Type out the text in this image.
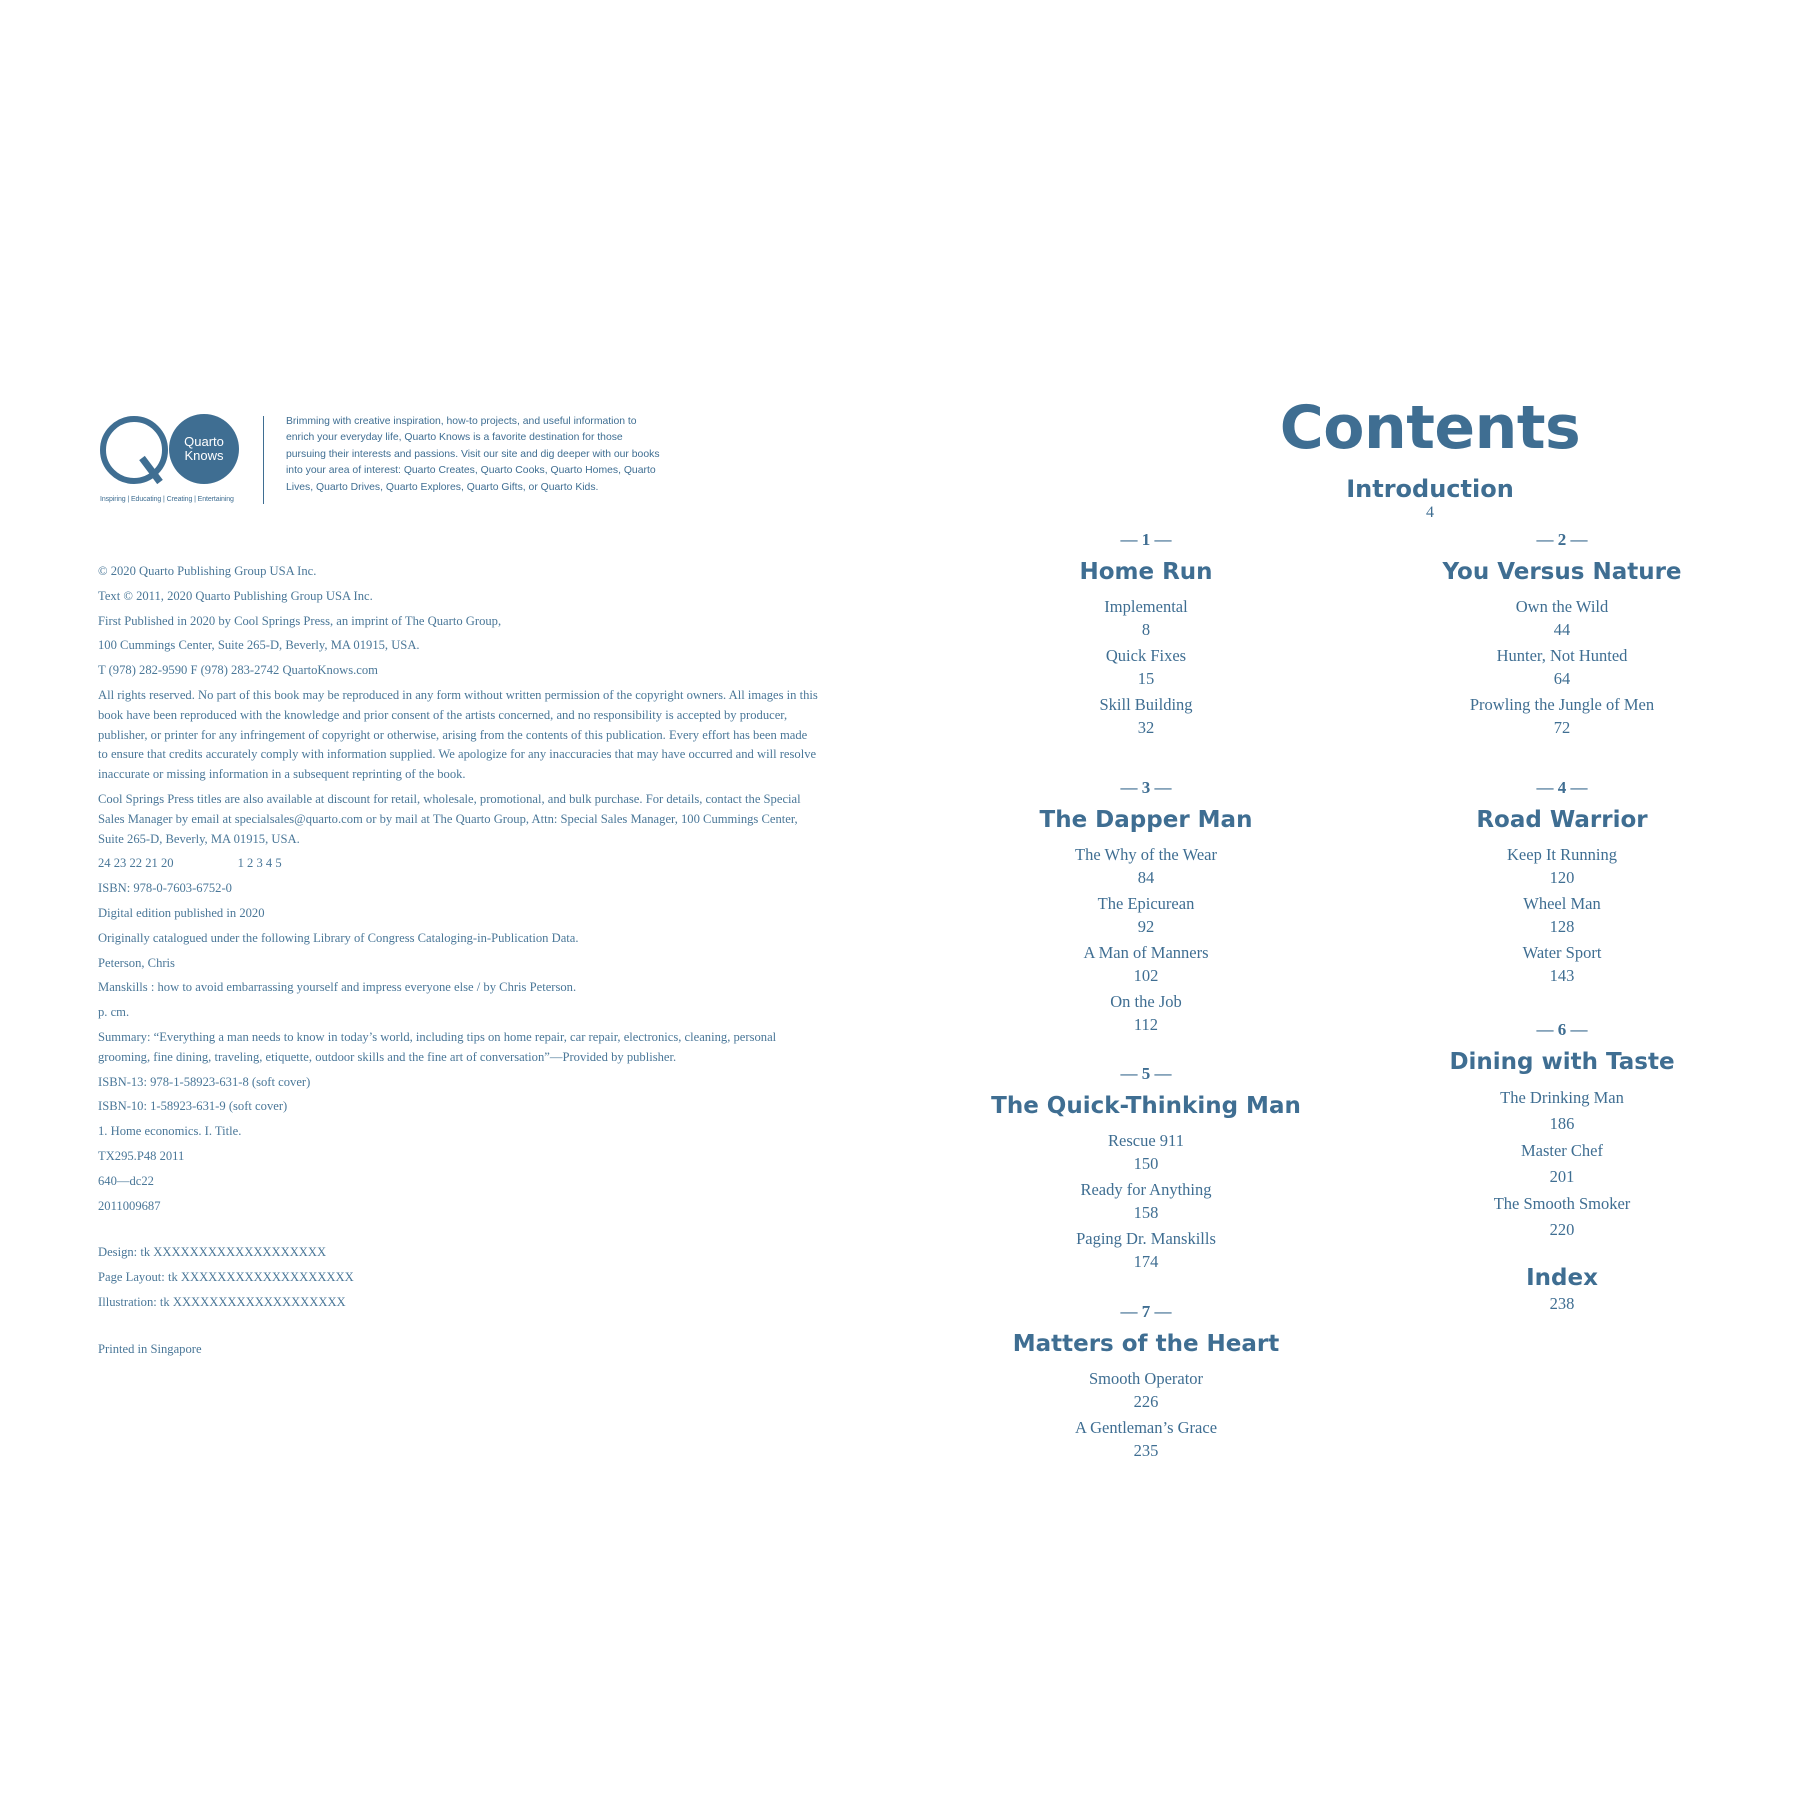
Quarto
Knows
Inspiring | Educating | Creating | Entertaining
Brimming with creative inspiration, how-to projects, and useful information to enrich your everyday life, Quarto Knows is a favorite destination for those pursuing their interests and passions. Visit our site and dig deeper with our books into your area of interest: Quarto Creates, Quarto Cooks, Quarto Homes, Quarto Lives, Quarto Drives, Quarto Explores, Quarto Gifts, or Quarto Kids.
© 2020 Quarto Publishing Group USA Inc.
Text © 2011, 2020 Quarto Publishing Group USA Inc.
First Published in 2020 by Cool Springs Press, an imprint of The Quarto Group,
100 Cummings Center, Suite 265-D, Beverly, MA 01915, USA.
T (978) 282-9590 F (978) 283-2742 QuartoKnows.com
All rights reserved. No part of this book may be reproduced in any form without written permission of the copyright owners. All images in this book have been reproduced with the knowledge and prior consent of the artists concerned, and no responsibility is accepted by producer, publisher, or printer for any infringement of copyright or otherwise, arising from the contents of this publication. Every effort has been made to ensure that credits accurately comply with information supplied. We apologize for any inaccuracies that may have occurred and will resolve inaccurate or missing information in a subsequent reprinting of the book.
Cool Springs Press titles are also available at discount for retail, wholesale, promotional, and bulk purchase. For details, contact the Special Sales Manager by email at specialsales@quarto.com or by mail at The Quarto Group, Attn: Special Sales Manager, 100 Cummings Center, Suite 265-D, Beverly, MA 01915, USA.
24 23 22 21 20	1 2 3 4 5
ISBN: 978-0-7603-6752-0
Digital edition published in 2020
Originally catalogued under the following Library of Congress Cataloging-in-Publication Data.
Peterson, Chris
Manskills : how to avoid embarrassing yourself and impress everyone else / by Chris Peterson.
p. cm.
Summary: “Everything a man needs to know in today’s world, including tips on home repair, car repair, electronics, cleaning, personal grooming, fine dining, traveling, etiquette, outdoor skills and the fine art of conversation”—Provided by publisher.
ISBN-13: 978-1-58923-631-8 (soft cover)
ISBN-10: 1-58923-631-9 (soft cover)
1. Home economics. I. Title.
TX295.P48 2011
640—dc22
2011009687
Design: tk XXXXXXXXXXXXXXXXXXX
Page Layout: tk XXXXXXXXXXXXXXXXXXX
Illustration: tk XXXXXXXXXXXXXXXXXXX
Printed in Singapore
Contents
Introduction
4
— 1 —
Home Run
Implemental
8
Quick Fixes
15
Skill Building
32
— 2 —
You Versus Nature
Own the Wild
44
Hunter, Not Hunted
64
Prowling the Jungle of Men
72
— 3 —
The Dapper Man
The Why of the Wear
84
The Epicurean
92
A Man of Manners
102
On the Job
112
— 4 —
Road Warrior
Keep It Running
120
Wheel Man
128
Water Sport
143
— 5 —
The Quick-Thinking Man
Rescue 911
150
Ready for Anything
158
Paging Dr. Manskills
174
— 6 —
Dining with Taste
The Drinking Man
186
Master Chef
201
The Smooth Smoker
220
— 7 —
Matters of the Heart
Smooth Operator
226
A Gentleman’s Grace
235
Index
238
